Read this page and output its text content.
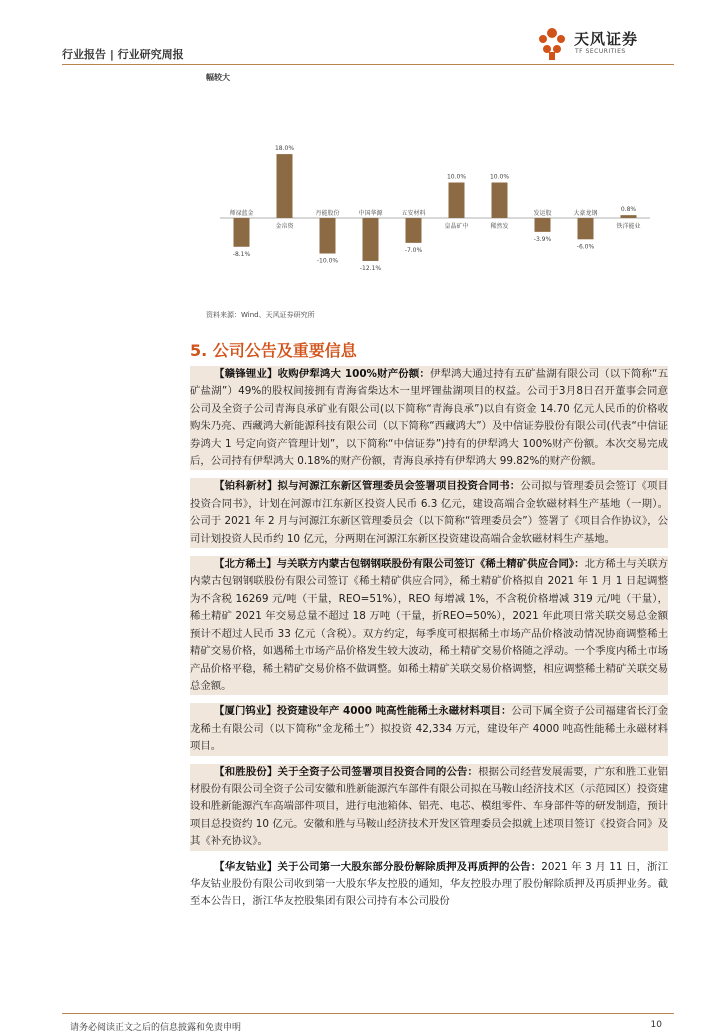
行业报告 | 行业研究周报
天风证券
TF SECURITIES
幅较大
-8.1%
师禄蓝金
18.0%
金帛资
-10.0%
丹能股份
-12.1%
中国华源
-7.0%
五安材料
10.0%
皇晶矿中
10.0%
稀然发
-3.9%
发运股
-6.0%
大豪龙钢
0.8%
铁洋能业
资料来源：Wind、天风证券研究所
5. 公司公告及重要信息
【赣锋锂业】收购伊犁鸿大 100%财产份额：伊犁鸿大通过持有五矿盐湖有限公司（以下简称“五矿盐湖”）49%的股权间接拥有青海省柴达木一里坪锂盐湖项目的权益。公司于3月8日召开董事会同意公司及全资子公司青海良承矿业有限公司(以下简称“青海良承”)以自有资金 14.70 亿元人民币的价格收购朱乃亮、西藏鸿大新能源科技有限公司（以下简称“西藏鸿大”）及中信证券股份有限公司(代表“中信证券鸿大 1 号定向资产管理计划”，以下简称“中信证券”)持有的伊犁鸿大 100%财产份额。本次交易完成后，公司持有伊犁鸿大 0.18%的财产份额，青海良承持有伊犁鸿大 99.82%的财产份额。
【铂科新材】拟与河源江东新区管理委员会签署项目投资合同书：公司拟与管理委员会签订《项目投资合同书》，计划在河源市江东新区投资人民币 6.3 亿元，建设高端合金软磁材料生产基地（一期）。公司于 2021 年 2 月与河源江东新区管理委员会（以下简称“管理委员会”）签署了《项目合作协议》，公司计划投资人民币约 10 亿元，分两期在河源江东新区投资建设高端合金软磁材料生产基地。
【北方稀土】与关联方内蒙古包钢钢联股份有限公司签订《稀土精矿供应合同》：北方稀土与关联方内蒙古包钢钢联股份有限公司签订《稀土精矿供应合同》，稀土精矿价格拟自 2021 年 1 月 1 日起调整为不含税 16269 元/吨（干量，REO=51%），REO 每增减 1%，不含税价格增减 319 元/吨（干量），稀土精矿 2021 年交易总量不超过 18 万吨（干量，折REO=50%），2021 年此项日常关联交易总金额预计不超过人民币 33 亿元（含税）。双方约定，每季度可根据稀土市场产品价格波动情况协商调整稀土精矿交易价格，如遇稀土市场产品价格发生较大波动，稀土精矿交易价格随之浮动。一个季度内稀土市场产品价格平稳，稀土精矿交易价格不做调整。如稀土精矿关联交易价格调整，相应调整稀土精矿关联交易总金额。
【厦门钨业】投资建设年产 4000 吨高性能稀土永磁材料项目：公司下属全资子公司福建省长汀金龙稀土有限公司（以下简称“金龙稀土”）拟投资 42,334 万元，建设年产 4000 吨高性能稀土永磁材料项目。
【和胜股份】关于全资子公司签署项目投资合同的公告：根据公司经营发展需要，广东和胜工业铝材股份有限公司全资子公司安徽和胜新能源汽车部件有限公司拟在马鞍山经济技术区（示范园区）投资建设和胜新能源汽车高端部件项目，进行电池箱体、铝壳、电芯、模组零件、车身部件等的研发制造，预计项目总投资约 10 亿元。安徽和胜与马鞍山经济技术开发区管理委员会拟就上述项目签订《投资合同》及其《补充协议》。
【华友钴业】关于公司第一大股东部分股份解除质押及再质押的公告：2021 年 3 月 11 日，浙江华友钴业股份有限公司收到第一大股东华友控股的通知，华友控股办理了股份解除质押及再质押业务。截至本公告日，浙江华友控股集团有限公司持有本公司股份
请务必阅读正文之后的信息披露和免责申明	10
